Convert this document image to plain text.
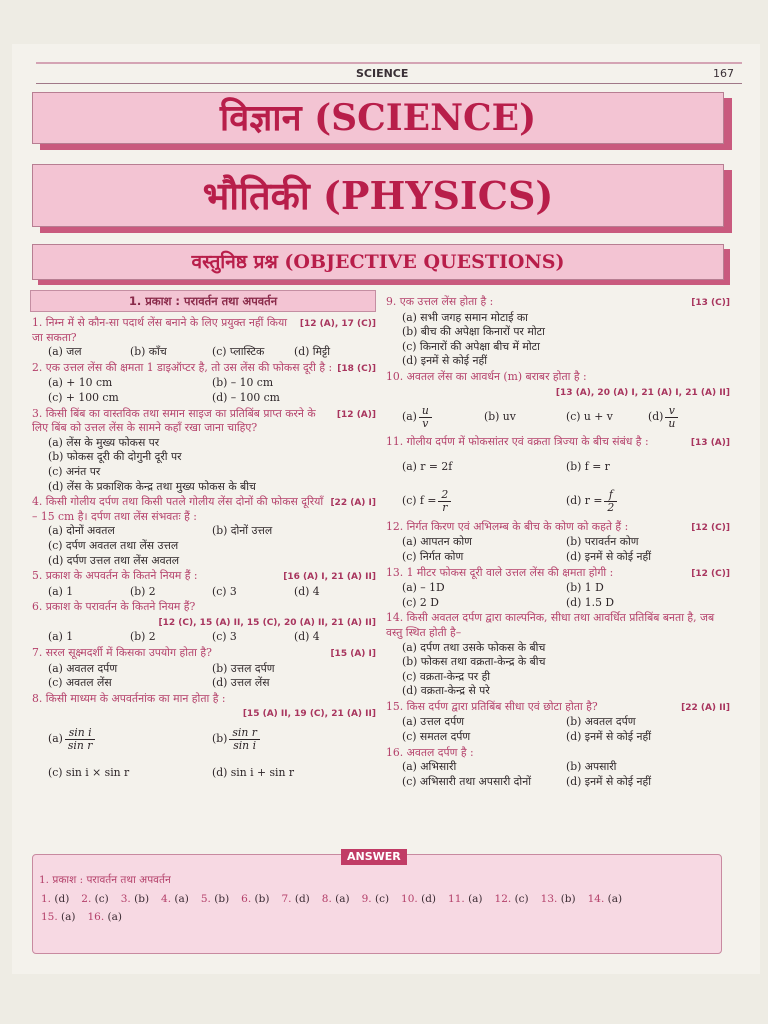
SCIENCE	167
विज्ञान (SCIENCE)
भौतिकी (PHYSICS)
वस्तुनिष्ठ प्रश्न (OBJECTIVE QUESTIONS)
1. प्रकाश : परावर्तन तथा अपवर्तन
1. निम्न में से कौन-सा पदार्थ लेंस बनाने के लिए प्रयुक्त नहीं किया जा सकता?
[12 (A), 17 (C)]
(a) जल	(b) काँच	(c) प्लास्टिक	(d) मिट्टी
2. एक उत्तल लेंस की क्षमता 1 डाइऑप्टर है, तो उस लेंस की फोकस दूरी है : [18 (C)]
(a) + 10 cm	(b) – 10 cm
(c) + 100 cm	(d) – 100 cm
3. किसी बिंब का वास्तविक तथा समान साइज का प्रतिबिंब प्राप्त करने के लिए बिंब को उत्तल लेंस के सामने कहाँ रखा जाना चाहिए?
[12 (A)]
(a) लेंस के मुख्य फोकस पर
(b) फोकस दूरी की दोगुनी दूरी पर
(c) अनंत पर
(d) लेंस के प्रकाशिक केन्द्र तथा मुख्य फोकस के बीच
4. किसी गोलीय दर्पण तथा किसी पतले गोलीय लेंस दोनों की फोकस दूरियाँ – 15 cm है। दर्पण तथा लेंस संभवतः हैं :
[22 (A) I]
(a) दोनों अवतल	(b) दोनों उत्तल
(c) दर्पण अवतल तथा लेंस उत्तल
(d) दर्पण उत्तल तथा लेंस अवतल
5. प्रकाश के अपवर्तन के कितने नियम हैं :	[16 (A) I, 21 (A) II]
(a) 1	(b) 2	(c) 3	(d) 4
6. प्रकाश के परावर्तन के कितने नियम हैं?
[12 (C), 15 (A) II, 15 (C), 20 (A) II, 21 (A) II]
(a) 1	(b) 2	(c) 3	(d) 4
7. सरल सूक्ष्मदर्शी में किसका उपयोग होता है?	[15 (A) I]
(a) अवतल दर्पण	(b) उत्तल दर्पण
(c) अवतल लेंस	(d) उत्तल लेंस
8. किसी माध्यम के अपवर्तनांक का मान होता है :
[15 (A) II, 19 (C), 21 (A) II]
$(a) \frac{\text{sin i}}{\text{sin r}}$	$(b) \frac{\text{sin r}}{\text{sin i}}$
(c) sin i × sin r	(d) sin i + sin r
9. एक उत्तल लेंस होता है :	[13 (C)]
(a) सभी जगह समान मोटाई का
(b) बीच की अपेक्षा किनारों पर मोटा
(c) किनारों की अपेक्षा बीच में मोटा
(d) इनमें से कोई नहीं
10. अवतल लेंस का आवर्धन (m) बराबर होता है :
[13 (A), 20 (A) I, 21 (A) I, 21 (A) II]
$(a) \frac{u}{v}$	(b) uv	(c) u + v	$(d) \frac{v}{u}$
11. गोलीय दर्पण में फोकसांतर एवं वक्रता त्रिज्या के बीच संबंध है :	[13 (A)]
(a) r = 2f	(b) f = r
(c) $f = \frac{2}{r}$	(d) $r = \frac{f}{2}$
12. निर्गत किरण एवं अभिलम्ब के बीच के कोण को कहते हैं :	[12 (C)]
(a) आपतन कोण	(b) परावर्तन कोण
(c) निर्गत कोण	(d) इनमें से कोई नहीं
13. 1 मीटर फोकस दूरी वाले उत्तल लेंस की क्षमता होगी :	[12 (C)]
(a) – 1D	(b) 1 D
(c) 2 D	(d) 1.5 D
14. किसी अवतल दर्पण द्वारा काल्पनिक, सीधा तथा आवर्धित प्रतिबिंब बनता है, जब वस्तु स्थित होती है–
(a) दर्पण तथा उसके फोकस के बीच
(b) फोकस तथा वक्रता-केन्द्र के बीच
(c) वक्रता-केन्द्र पर ही
(d) वक्रता-केन्द्र से परे
15. किस दर्पण द्वारा प्रतिबिंब सीधा एवं छोटा होता है?	[22 (A) II]
(a) उत्तल दर्पण	(b) अवतल दर्पण
(c) समतल दर्पण	(d) इनमें से कोई नहीं
16. अवतल दर्पण है :
(a) अभिसारी	(b) अपसारी
(c) अभिसारी तथा अपसारी दोनों	(d) इनमें से कोई नहीं
ANSWER
1. प्रकाश : परावर्तन तथा अपवर्तन
1. (d) 2. (c) 3. (b) 4. (a) 5. (b) 6. (b) 7. (d) 8. (a) 9. (c) 10. (d) 11. (a) 12. (c) 13. (b) 14. (a)
15. (a) 16. (a)
